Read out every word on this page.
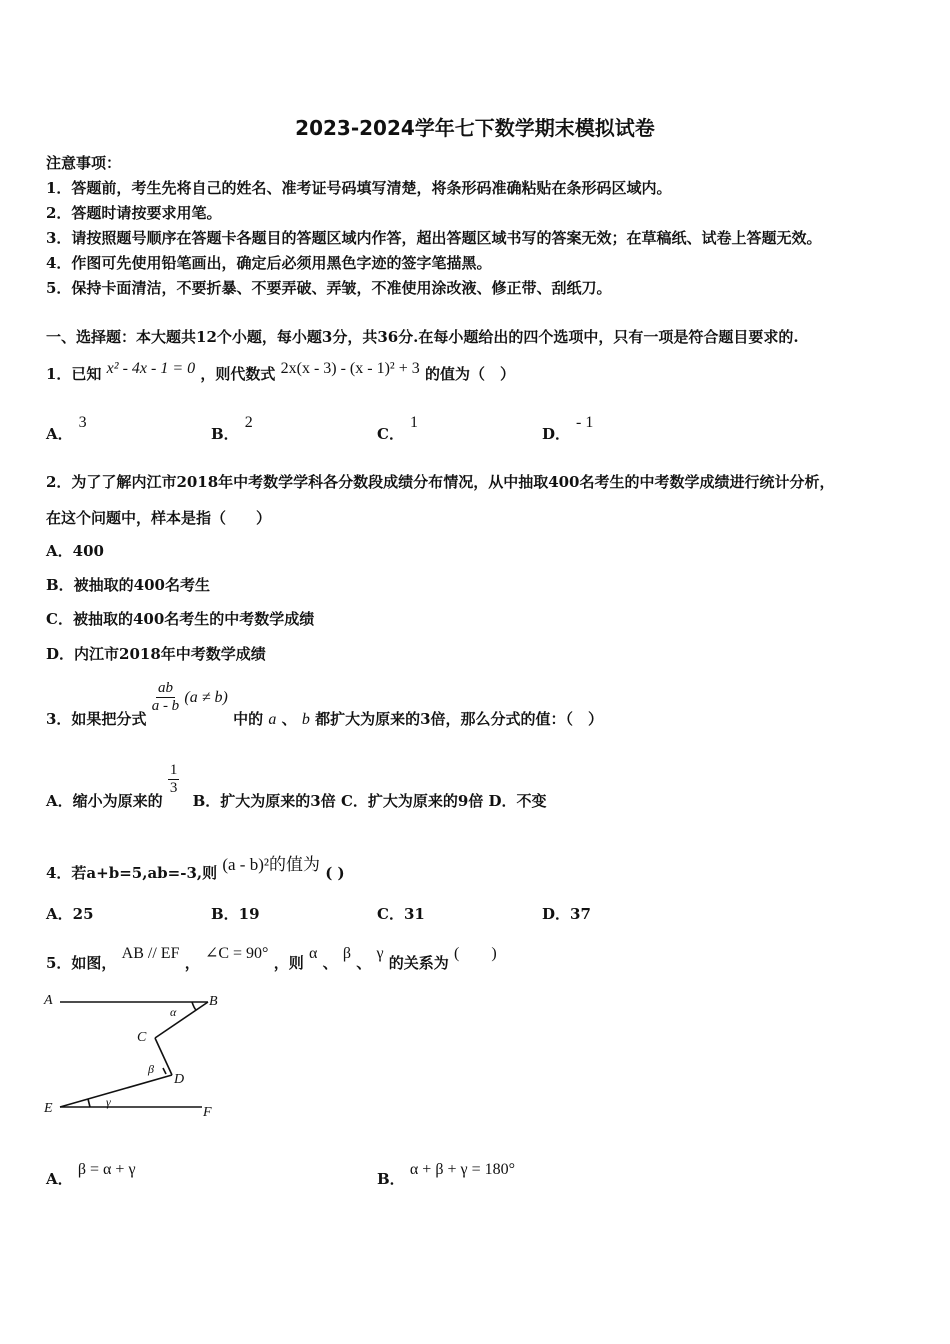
2023-2024学年七下数学期末模拟试卷
注意事项：
1．答题前，考生先将自己的姓名、准考证号码填写清楚，将条形码准确粘贴在条形码区域内。
2．答题时请按要求用笔。
3．请按照题号顺序在答题卡各题目的答题区域内作答，超出答题区域书写的答案无效；在草稿纸、试卷上答题无效。
4．作图可先使用铅笔画出，确定后必须用黑色字迹的签字笔描黑。
5．保持卡面清洁，不要折暴、不要弄破、弄皱，不准使用涂改液、修正带、刮纸刀。
一、选择题：本大题共12个小题，每小题3分，共36分.在每小题给出的四个选项中，只有一项是符合题目要求的.
1．已知 x² - 4x - 1 = 0 ，则代数式 2x(x - 3) - (x - 1)² + 3 的值为（　）
A．3
B．2
C．1
D．- 1
2．为了了解内江市2018年中考数学学科各分数段成绩分布情况，从中抽取400名考生的中考数学成绩进行统计分析，
在这个问题中，样本是指（　　）
A．400
B．被抽取的400名考生
C．被抽取的400名考生的中考数学成绩
D．内江市2018年中考数学成绩
3．如果把分式
$\frac{ab}{a - b} (a \ne b)$ 中的 a 、 b 都扩大为原来的3倍，那么分式的值：（　）
A．缩小为原来的
$\frac{1}{3}$
B．扩大为原来的3倍 C．扩大为原来的9倍 D．不变
4．若a+b=5,ab=-3,则 (a - b)²的值为 ( )
A．25	B．19	C．31	D．37
5．如图， AB // EF ， ∠C = 90° ，则 α 、 β 、 γ 的关系为 (　　)
A	B
C
D
E	F
α
β
γ
A． β = α + γ
B． α + β + γ = 180°
